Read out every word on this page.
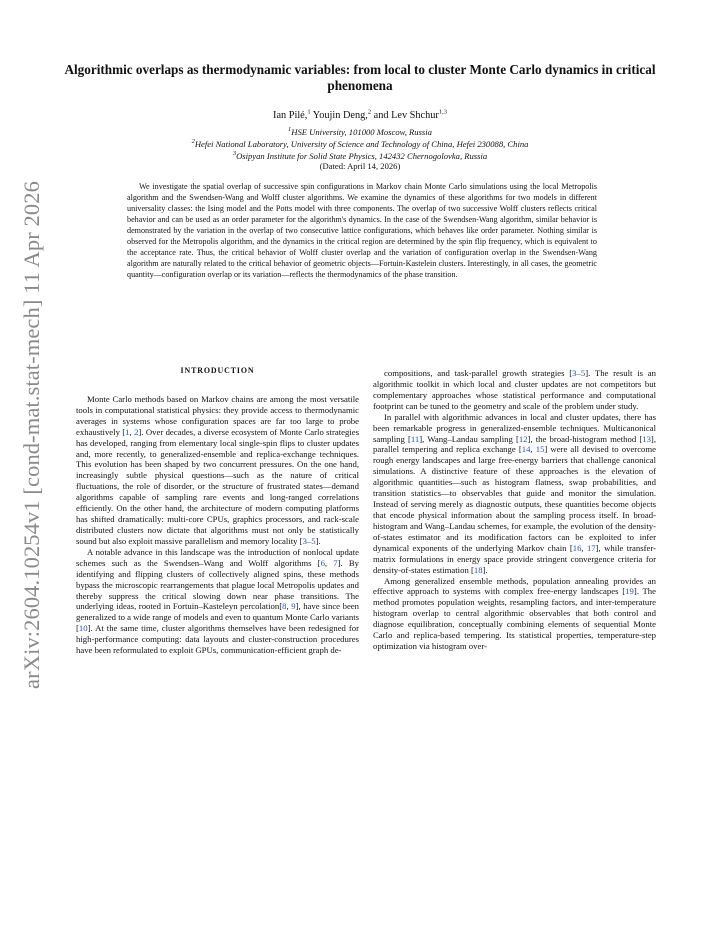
arXiv:2604.10254v1 [cond-mat.stat-mech] 11 Apr 2026
Algorithmic overlaps as thermodynamic variables: from local to cluster Monte Carlo dynamics in critical phenomena
Ian Pilé,$^1$ Youjin Deng,$^2$ and Lev Shchur$^{1,3}$
$^1$HSE University, 101000 Moscow, Russia
$^2$Hefei National Laboratory, University of Science and Technology of China, Hefei 230088, China
$^3$Osipyan Institute for Solid State Physics, 142432 Chernogolovka, Russia
(Dated: April 14, 2026)

We investigate the spatial overlap of successive spin configurations in Markov chain Monte Carlo simulations using the local Metropolis algorithm and the Swendsen-Wang and Wolff cluster algorithms. We examine the dynamics of these algorithms for two models in different universality classes: the Ising model and the Potts model with three components. The overlap of two successive Wolff clusters reflects critical behavior and can be used as an order parameter for the algorithm's dynamics. In the case of the Swendsen-Wang algorithm, similar behavior is demonstrated by the variation in the overlap of two consecutive lattice configurations, which behaves like order parameter. Nothing similar is observed for the Metropolis algorithm, and the dynamics in the critical region are determined by the spin flip frequency, which is equivalent to the acceptance rate. Thus, the critical behavior of Wolff cluster overlap and the variation of configuration overlap in the Swendsen-Wang algorithm are naturally related to the critical behavior of geometric objects—Fortuin-Kastelein clusters. Interestingly, in all cases, the geometric quantity—configuration overlap or its variation—reflects the thermodynamics of the phase transition.

INTRODUCTION

Monte Carlo methods based on Markov chains are among the most versatile tools in computational statistical physics: they provide access to thermodynamic averages in systems whose configuration spaces are far too large to probe exhaustively [1, 2]. Over decades, a diverse ecosystem of Monte Carlo strategies has developed, ranging from elementary local single-spin flips to cluster updates and, more recently, to generalized-ensemble and replica-exchange techniques. This evolution has been shaped by two concurrent pressures. On the one hand, increasingly subtle physical questions—such as the nature of critical fluctuations, the role of disorder, or the structure of frustrated states—demand algorithms capable of sampling rare events and long-ranged correlations efficiently. On the other hand, the architecture of modern computing platforms has shifted dramatically: multi-core CPUs, graphics processors, and rack-scale distributed clusters now dictate that algorithms must not only be statistically sound but also exploit massive parallelism and memory locality [3–5].

A notable advance in this landscape was the introduction of nonlocal update schemes such as the Swendsen–Wang and Wolff algorithms [6, 7]. By identifying and flipping clusters of collectively aligned spins, these methods bypass the microscopic rearrangements that plague local Metropolis updates and thereby suppress the critical slowing down near phase transitions. The underlying ideas, rooted in Fortuin–Kasteleyn percolation[8, 9], have since been generalized to a wide range of models and even to quantum Monte Carlo variants [10]. At the same time, cluster algorithms themselves have been redesigned for high-performance computing: data layouts and cluster-construction procedures have been reformulated to exploit GPUs, communication-efficient graph de-

compositions, and task-parallel growth strategies [3–5]. The result is an algorithmic toolkit in which local and cluster updates are not competitors but complementary approaches whose statistical performance and computational footprint can be tuned to the geometry and scale of the problem under study.

In parallel with algorithmic advances in local and cluster updates, there has been remarkable progress in generalized-ensemble techniques. Multicanonical sampling [11], Wang–Landau sampling [12], the broad-histogram method [13], parallel tempering and replica exchange [14, 15] were all devised to overcome rough energy landscapes and large free-energy barriers that challenge canonical simulations. A distinctive feature of these approaches is the elevation of algorithmic quantities—such as histogram flatness, swap probabilities, and transition statistics—to observables that guide and monitor the simulation. Instead of serving merely as diagnostic outputs, these quantities become objects that encode physical information about the sampling process itself. In broad-histogram and Wang–Landau schemes, for example, the evolution of the density-of-states estimator and its modification factors can be exploited to infer dynamical exponents of the underlying Markov chain [16, 17], while transfer-matrix formulations in energy space provide stringent convergence criteria for density-of-states estimation [18].

Among generalized ensemble methods, population annealing provides an effective approach to systems with complex free-energy landscapes [19]. The method promotes population weights, resampling factors, and inter-temperature histogram overlap to central algorithmic observables that both control and diagnose equilibration, conceptually combining elements of sequential Monte Carlo and replica-based tempering. Its statistical properties, temperature-step optimization via histogram over-
